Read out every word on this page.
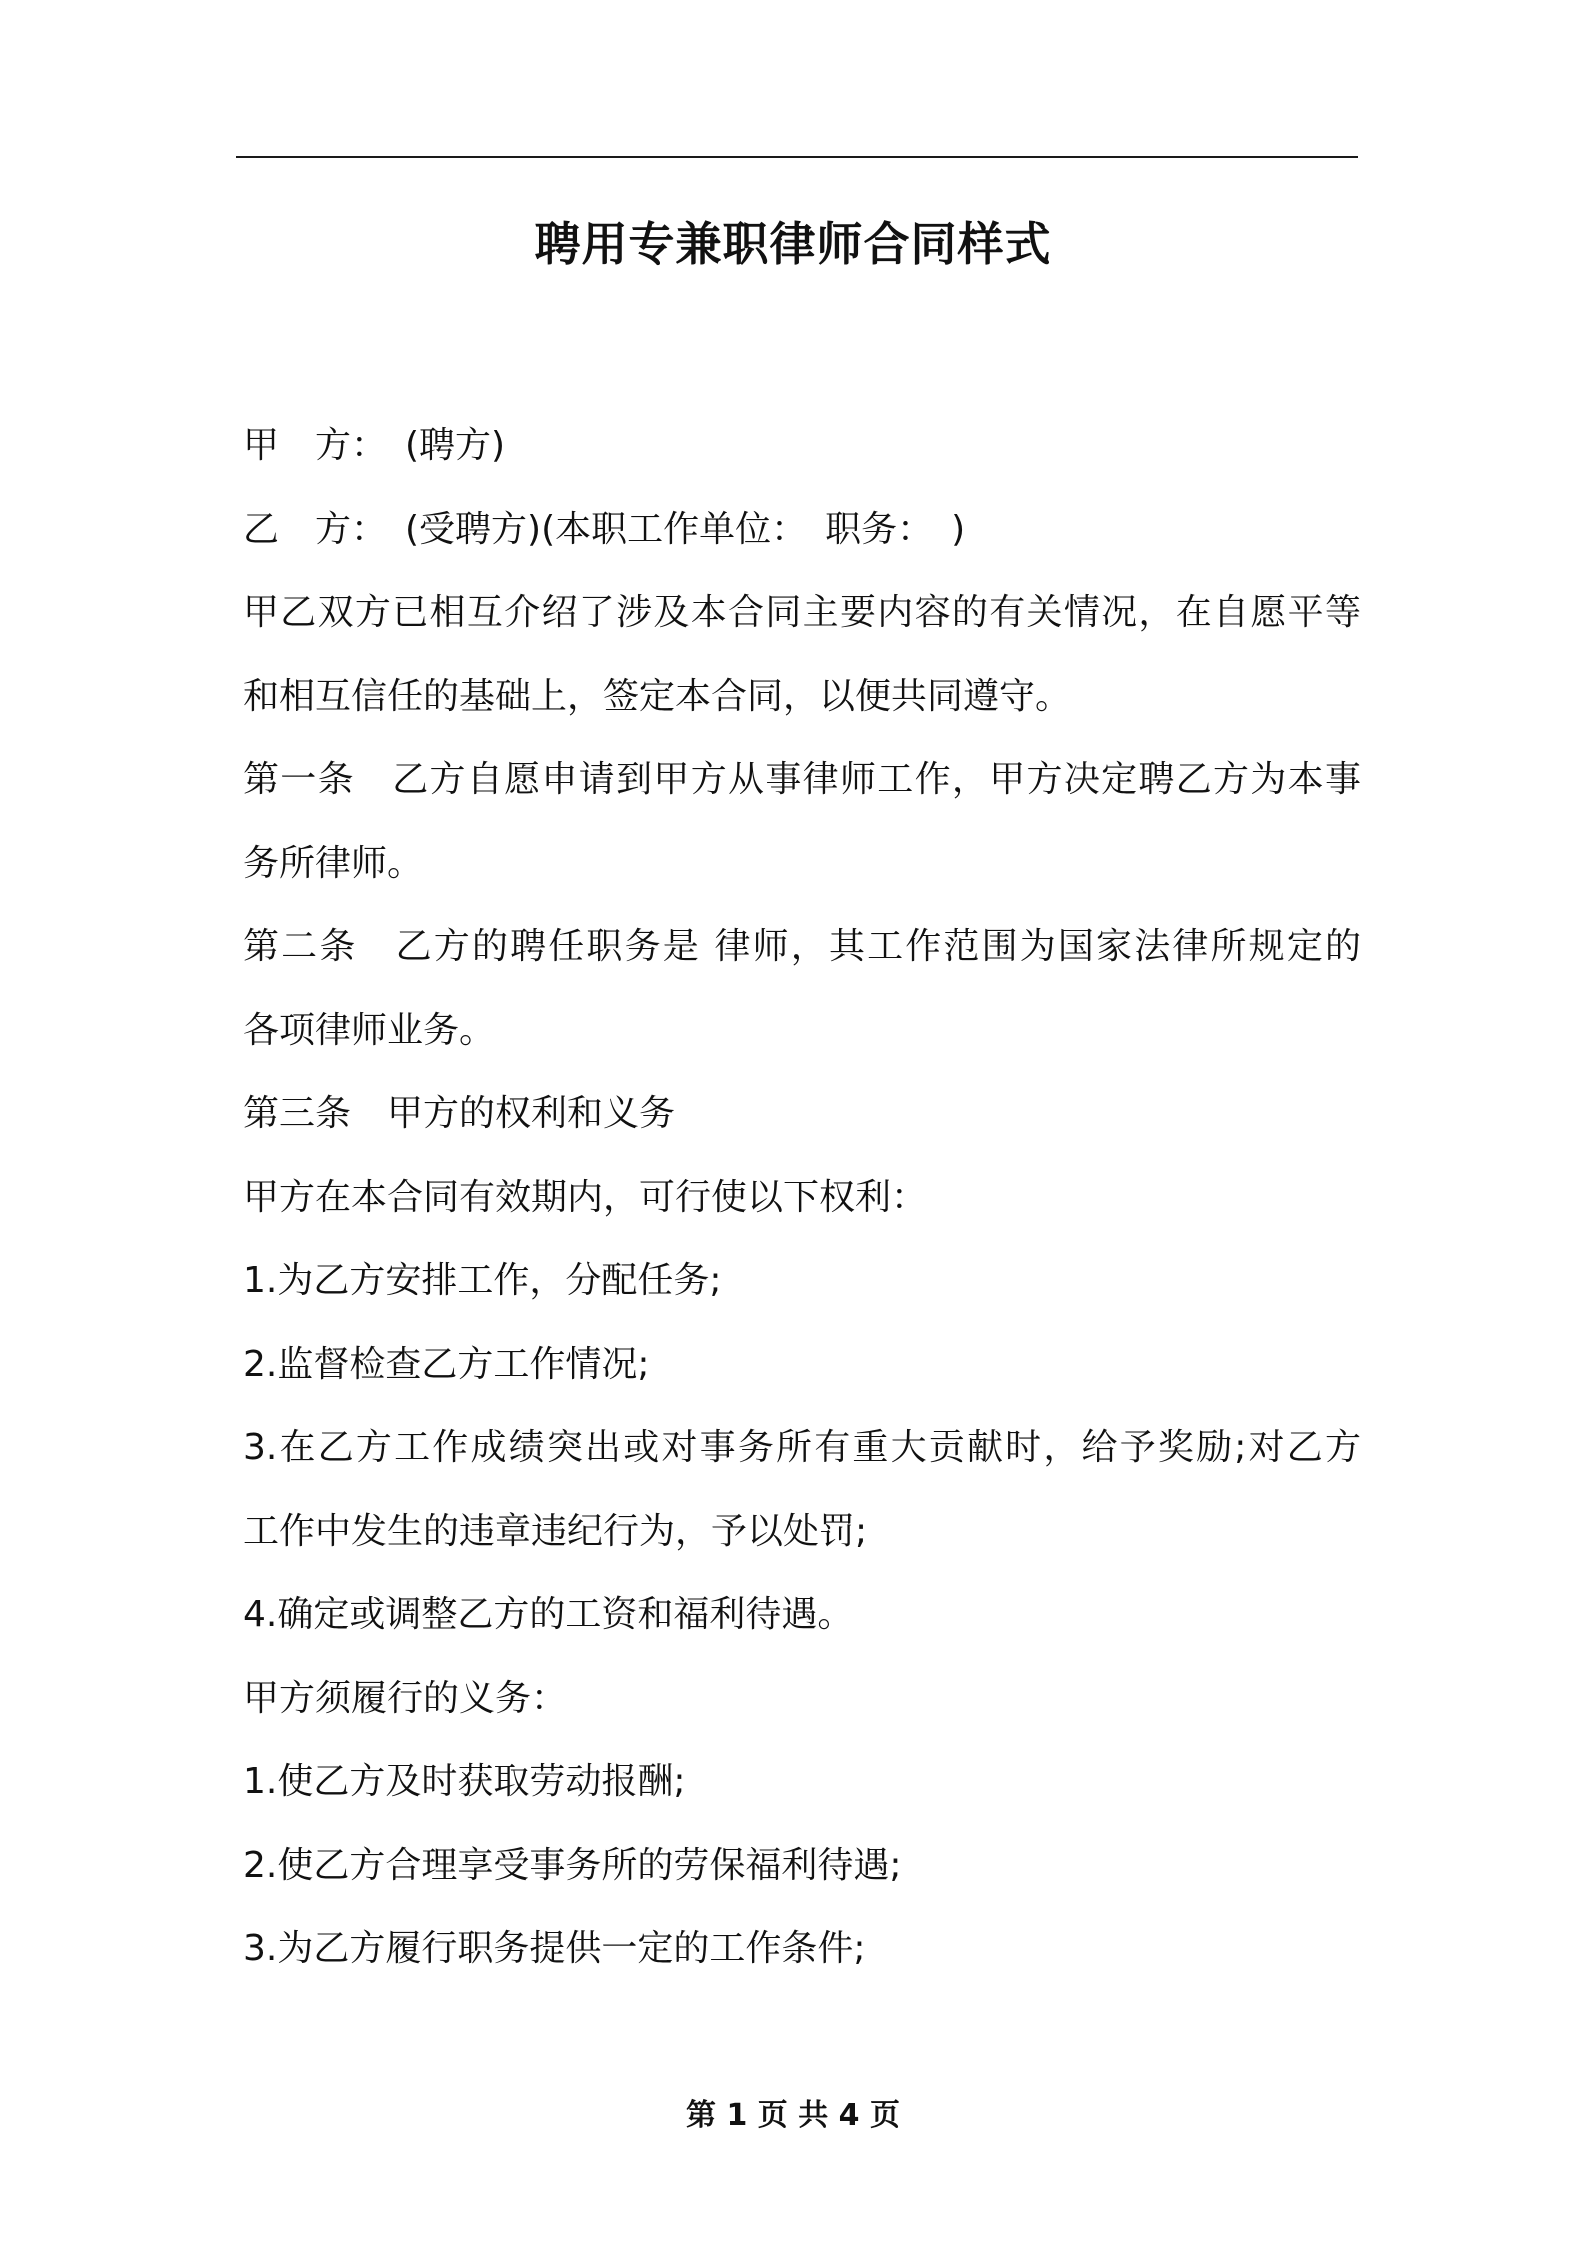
聘用专兼职律师合同样式

甲　方：　(聘方)

乙　方：　(受聘方)(本职工作单位：　职务：　)

甲乙双方已相互介绍了涉及本合同主要内容的有关情况，在自愿平等

和相互信任的基础上，签定本合同，以便共同遵守。

第一条　乙方自愿申请到甲方从事律师工作，甲方决定聘乙方为本事

务所律师。

第二条　乙方的聘任职务是 律师，其工作范围为国家法律所规定的

各项律师业务。

第三条　甲方的权利和义务

甲方在本合同有效期内，可行使以下权利：

1.为乙方安排工作，分配任务;

2.监督检查乙方工作情况;

3.在乙方工作成绩突出或对事务所有重大贡献时，给予奖励;对乙方

工作中发生的违章违纪行为，予以处罚;

4.确定或调整乙方的工资和福利待遇。

甲方须履行的义务：

1.使乙方及时获取劳动报酬;

2.使乙方合理享受事务所的劳保福利待遇;

3.为乙方履行职务提供一定的工作条件;

第 1 页 共 4 页
